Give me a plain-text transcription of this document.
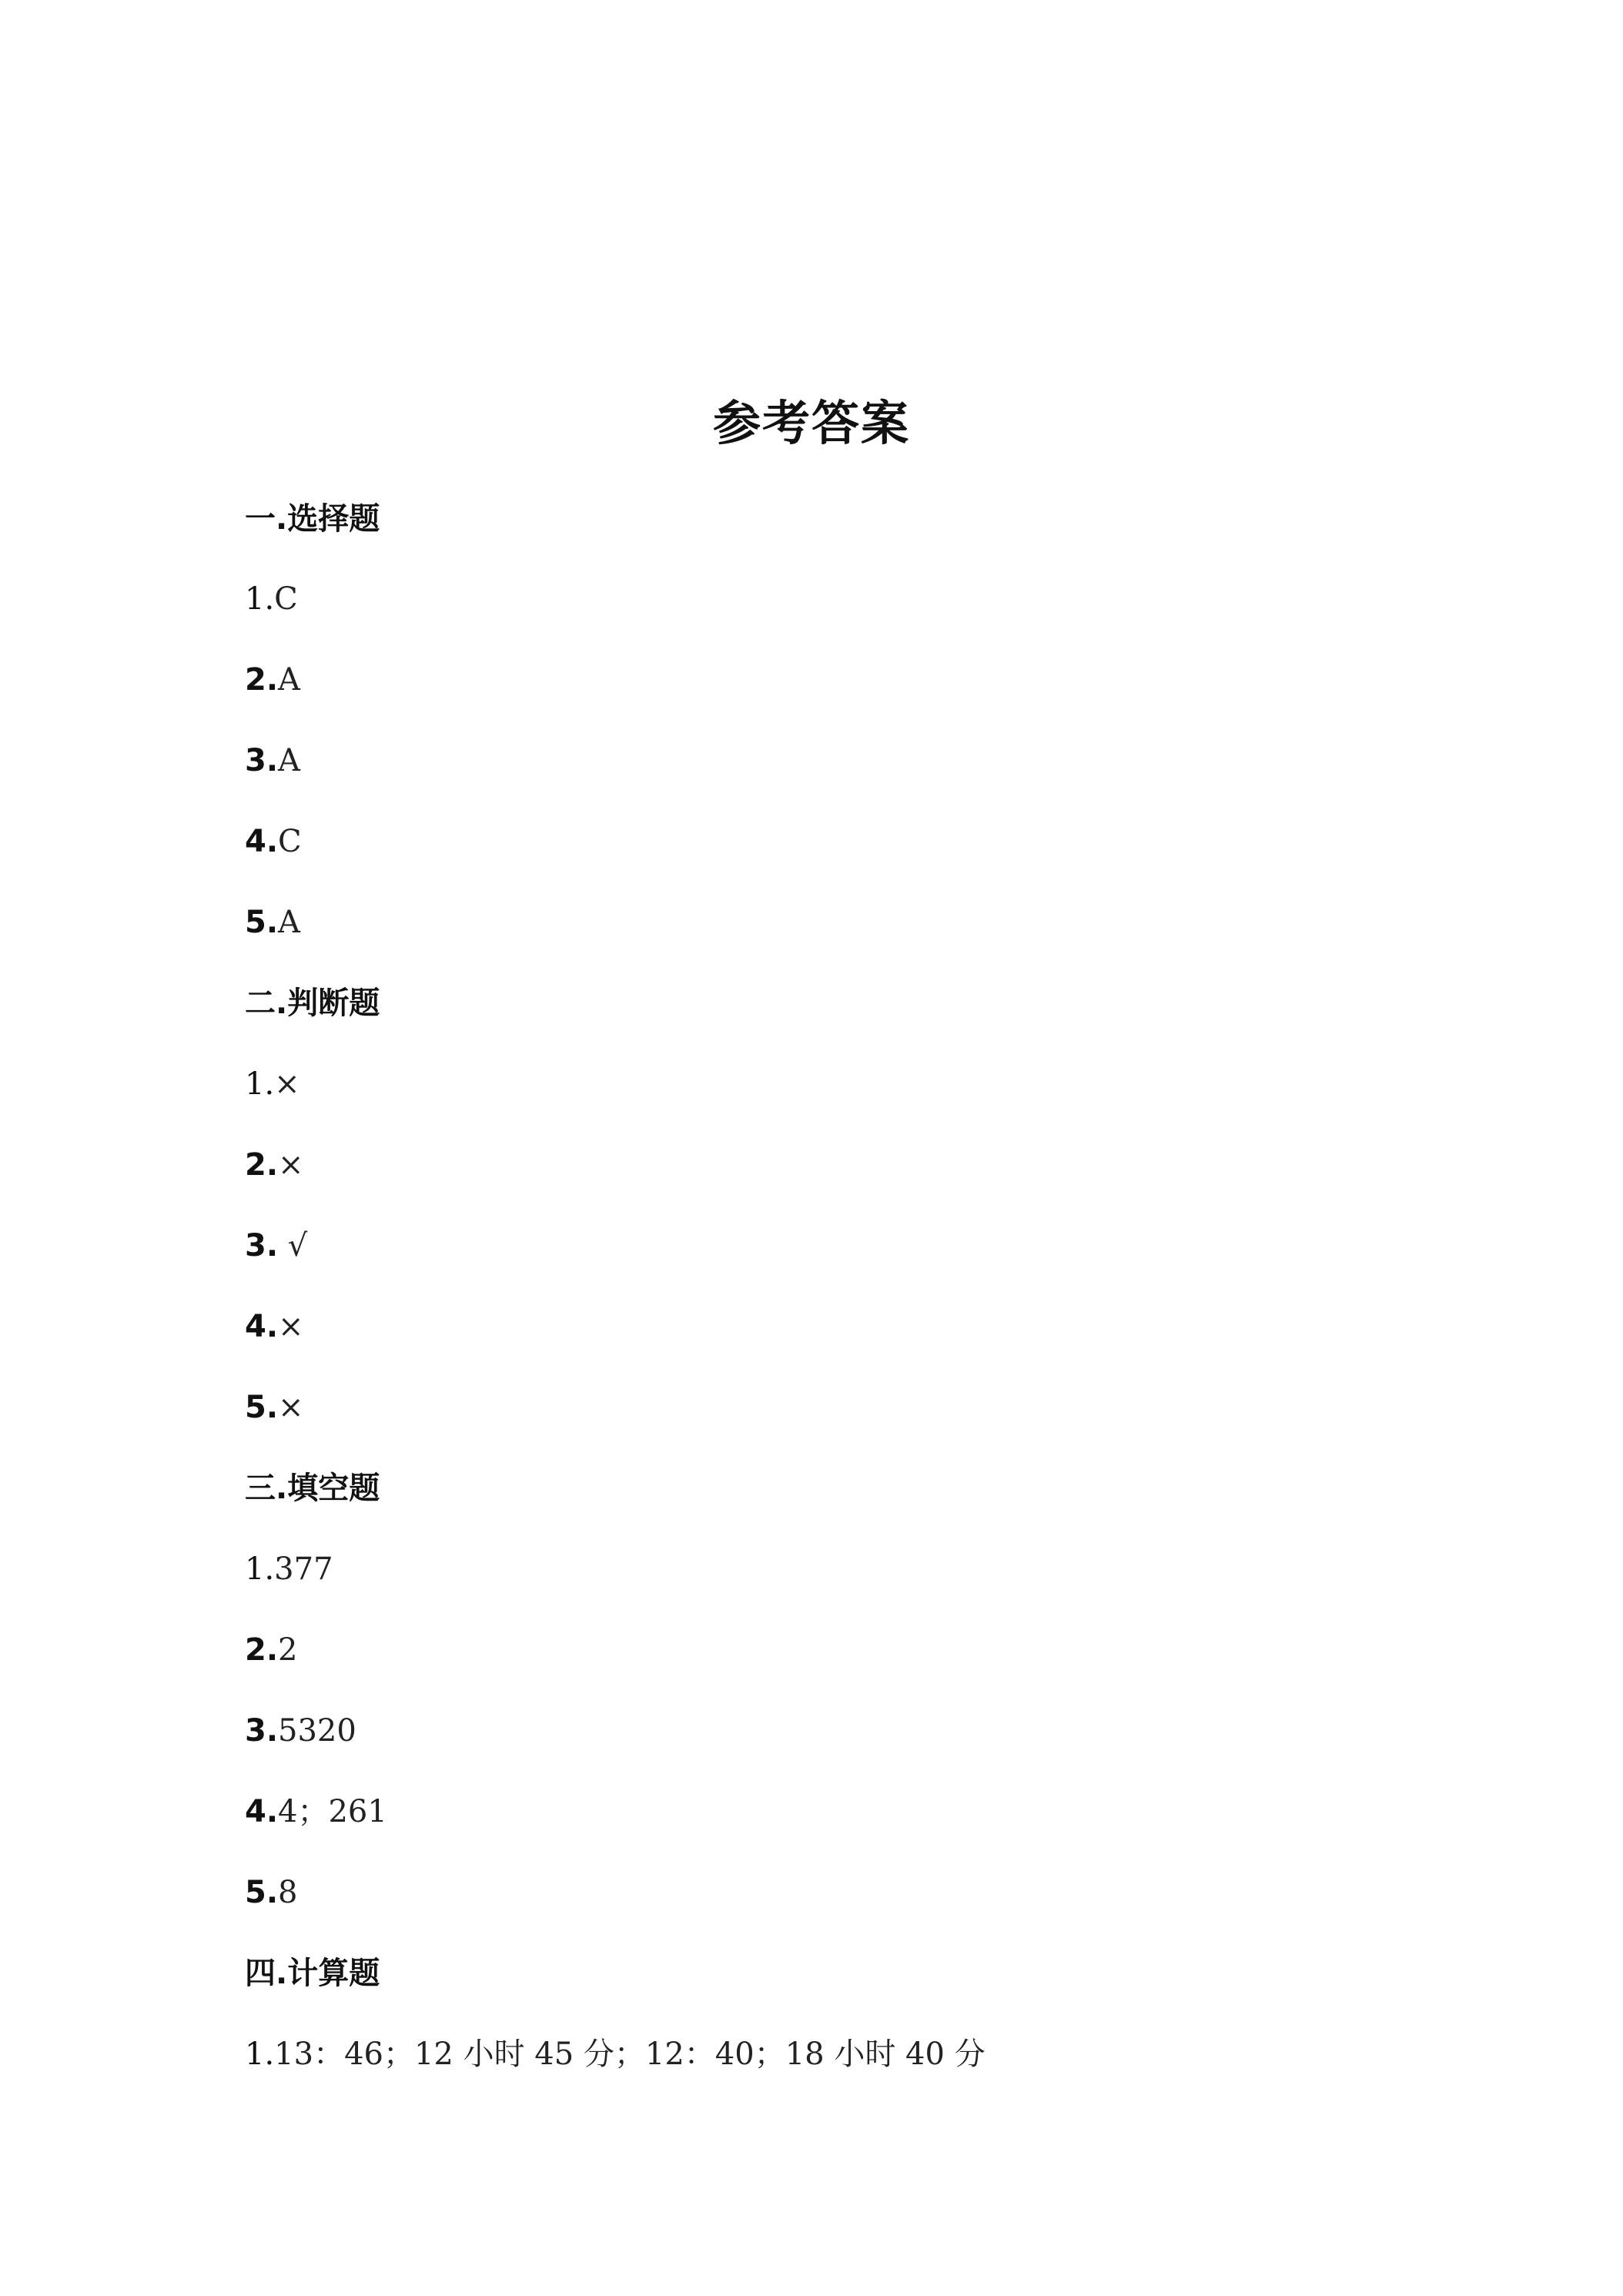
参考答案
一.选择题
1.C
2.A
3.A
4.C
5.A
二.判断题
1.×
2.×
3. √
4.×
5.×
三.填空题
1.377
2.2
3.5320
4.4；261
5.8
四.计算题
1.13：46；12 小时 45 分；12：40；18 小时 40 分
